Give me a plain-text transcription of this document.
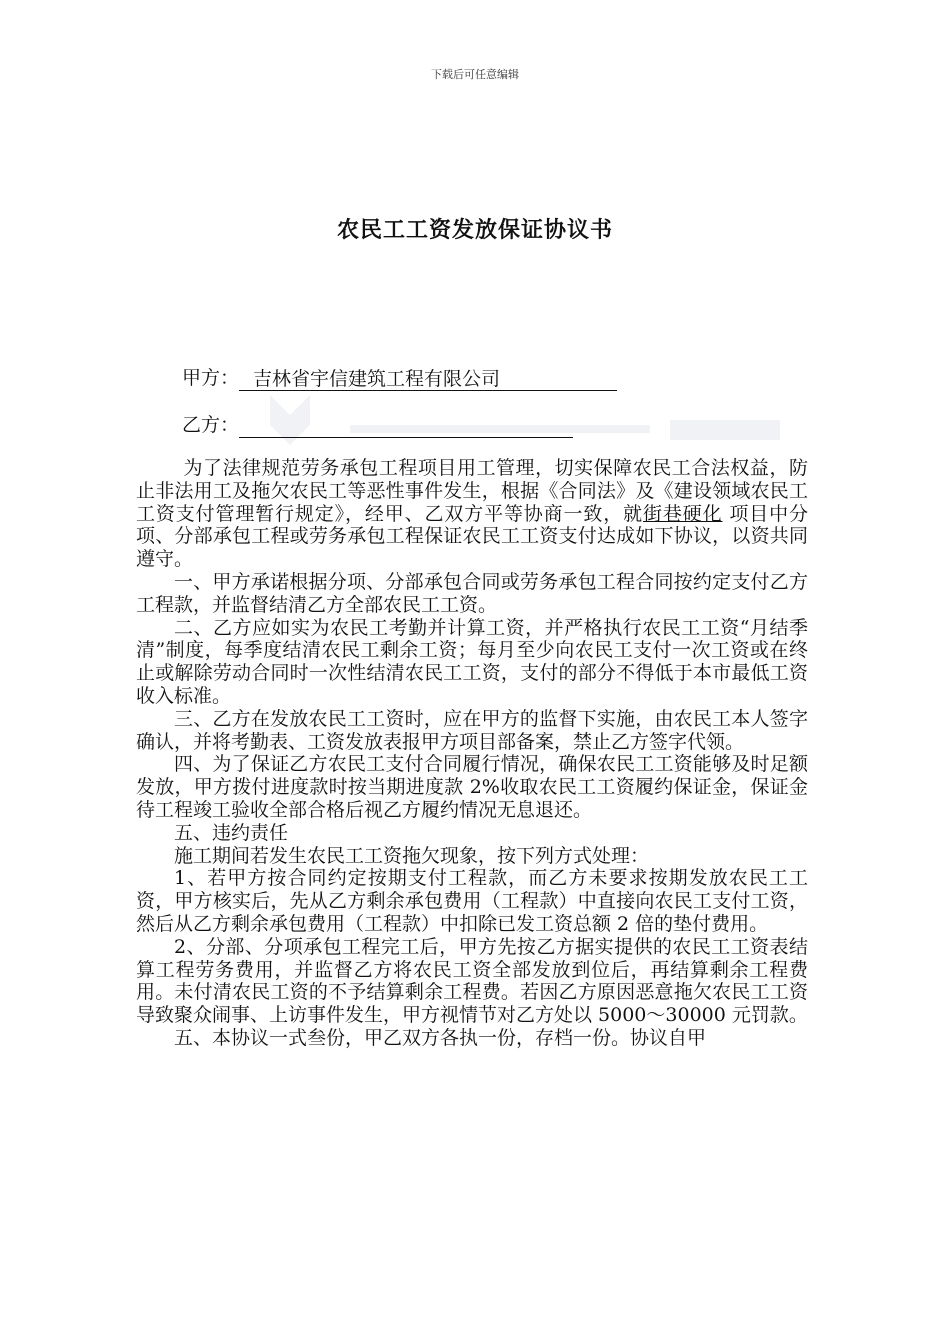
下载后可任意编辑
农民工工资发放保证协议书
甲方： 吉林省宇信建筑工程有限公司
乙方：

为了法律规范劳务承包工程项目用工管理，切实保障农民工合法权益，防止非法用工及拖欠农民工等恶性事件发生，根据《合同法》及《建设领域农民工工资支付管理暂行规定》，经甲、乙双方平等协商一致，就街巷硬化 项目中分项、分部承包工程或劳务承包工程保证农民工工资支付达成如下协议，以资共同遵守。

一、甲方承诺根据分项、分部承包合同或劳务承包工程合同按约定支付乙方工程款，并监督结清乙方全部农民工工资。

二、乙方应如实为农民工考勤并计算工资，并严格执行农民工工资“月结季清”制度，每季度结清农民工剩余工资；每月至少向农民工支付一次工资或在终止或解除劳动合同时一次性结清农民工工资，支付的部分不得低于本市最低工资收入标准。

三、乙方在发放农民工工资时，应在甲方的监督下实施，由农民工本人签字确认，并将考勤表、工资发放表报甲方项目部备案，禁止乙方签字代领。

四、为了保证乙方农民工支付合同履行情况，确保农民工工资能够及时足额发放，甲方拨付进度款时按当期进度款 2%收取农民工工资履约保证金，保证金待工程竣工验收全部合格后视乙方履约情况无息退还。

五、违约责任

施工期间若发生农民工工资拖欠现象，按下列方式处理：

1、若甲方按合同约定按期支付工程款，而乙方未要求按期发放农民工工资，甲方核实后，先从乙方剩余承包费用（工程款）中直接向农民工支付工资，然后从乙方剩余承包费用（工程款）中扣除已发工资总额 2 倍的垫付费用。

2、分部、分项承包工程完工后，甲方先按乙方据实提供的农民工工资表结算工程劳务费用，并监督乙方将农民工资全部发放到位后，再结算剩余工程费用。未付清农民工资的不予结算剩余工程费。若因乙方原因恶意拖欠农民工工资导致聚众闹事、上访事件发生，甲方视情节对乙方处以 5000～30000 元罚款。

五、本协议一式叁份，甲乙双方各执一份，存档一份。协议自甲
